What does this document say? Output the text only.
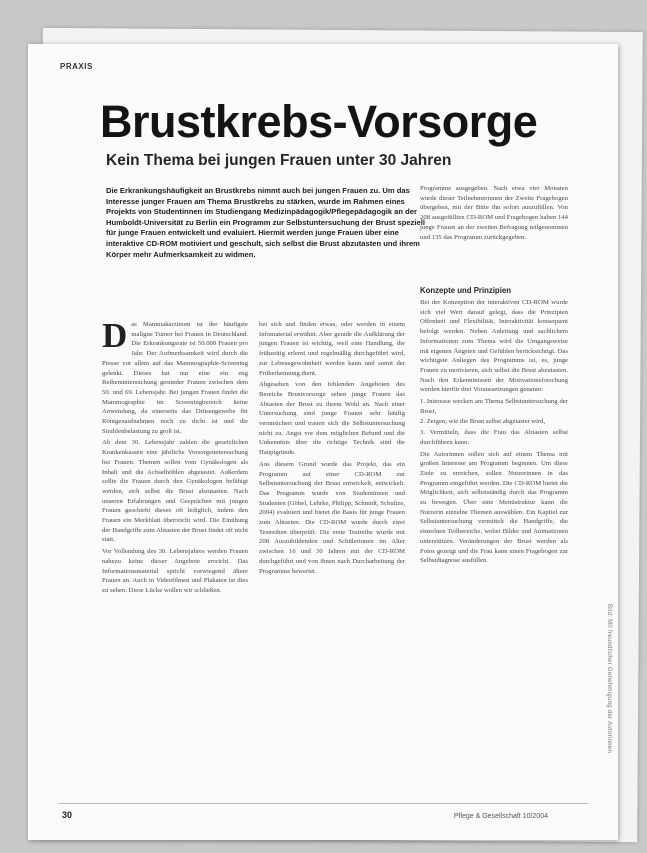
PRAXIS
Brustkrebs-Vorsorge
Kein Thema bei jungen Frauen unter 30 Jahren

Die Erkrankungshäufigkeit an Brustkrebs nimmt auch bei jungen Frauen zu. Um das Interesse junger Frauen am Thema Brustkrebs zu stärken, wurde im Rahmen eines Projekts von Studentinnen im Studiengang Medizinpädagogik/Pflegepädagogik an der Humboldt-Universität zu Berlin ein Programm zur Selbstuntersuchung der Brust speziell für junge Frauen entwickelt und evaluiert. Hiermit werden junge Frauen über eine interaktive CD-ROM motiviert und geschult, sich selbst die Brust abzutasten und ihrem Körper mehr Aufmerksamkeit zu widmen.

Programme ausgegeben. Nach etwa vier Monaten wurde dieser Teilnehmerinnen der Zweite Fragebogen übergeben, mit der Bitte ihn sofort auszufüllen. Von 208 ausgefüllten CD-ROM und Fragebogen haben 144 junge Frauen an der zweiten Befragung teilgenommen und 135 das Programm zurückgegeben.

Konzepte und Prinzipien

Bei der Konzeption der interaktiven CD-ROM wurde sich viel Wert darauf gelegt, dass die Prinzipien Offenheit und Flexibilität, Interaktivität konsequent befolgt werden. Neben Anleitung und sachlichem Informationen zum Thema wird die Umgangsweise mit eigenen Ängsten und Gefühlen berücksichtigt. Das wichtigste Anliegen des Programms ist, es, junge Frauen zu motivieren, sich selbst die Brust abzutasten. Nach den Erkenntnissen der Motivationsforschung werden hierfür drei Voraussetzungen genannt:

1. Interesse wecken am Thema Selbstuntersuchung der Brust,
2. Zeigen, wie die Brust selbst abgetastet wird,
3. Vermitteln, dass die Frau das Abtasten selbst durchführen kann.

Die Autorinnen sollen sich auf einem Thema mit großen Interesse am Programm beginnen. Um diese Ziele zu erreichen, sollen Nutzerinnen in das Programm eingeführt werden. Die CD-ROM bietet die Möglichkeit, sich selbstständig durch das Programm zu bewegen. Über eine Menüstruktur kann die Nutzerin einzelne Themen auswählen. Ein Kapitel zur Selbstuntersuchung vermittelt die Handgriffe, die einzelnen Teilbereiche, wobei Bilder und Animationen unterstützen. Veränderungen der Brust werden als Fotos gezeigt und die Frau kann einen Fragebogen zur Selbstdiagnose ausfüllen.

Das Mammakarzinom ist der häufigste maligne Tumor bei Frauen in Deutschland. Die Erkrankungsrate ist 50.000 Frauen pro Jahr. Der Aufmerksamkeit wird durch die Presse vor allem auf das Mammographie-Screening gelenkt. Dieses hat nur eine ein eng Reihenuntersuchung gesunder Frauen zwischen dem 50. und 69. Lebensjahr. Bei jungen Frauen findet die Mammographie im Screeningbereich keine Anwendung, da einerseits das Drüsengewebe für Röntgenaufnahmen noch zu dicht ist und die Strahlenbelastung zu groß ist.

Ab dem 30. Lebensjahr zahlen die gesetzlichen Krankenkassen eine jährliche Vorsorgeuntersuchung bei Frauen. Themen sollen vom Gynäkologen als Inhalt und die Achselhöhlen abgetastet. Außerdem sollte die Frauen durch den Gynäkologen befähigt werden, sich selbst die Brust abzutasten. Nach unseren Erfahrungen und Gesprächen mit jungen Frauen geschieht dieses oft lediglich, indem den Frauen ein Merkblatt überreicht wird. Die Einübung der Handgriffe zum Abtasten der Brust findet oft nicht statt.

Vor Vollendung des 30. Lebensjahres werden Frauen nahezu keine dieser Angebote erreicht. Das Informationsmaterial spricht vorwiegend ältere Frauen an. Auch in Videofilmen und Plakaten ist dies zu sehen. Diese Lücke wollen wir schließen.

bei sich und finden etwas, oder werden in einem Infomaterial erwähnt. Aber gerade die Aufklärung der jungen Frauen ist wichtig, weil eine Handlung, die frühzeitig erlernt und regelmäßig durchgeführt wird, zur Lebensgewohnheit werden kann und somit der Früherkennung dient.

Abgesehen von den fehlenden Angeboten des Bereichs Brustvorsorge sehen junge Frauen das Abtasten der Brust zu ihrem Wohl an. Nach einer Untersuchung sind junge Frauen sehr häufig verunsichert und trauen sich die Selbstuntersuchung nicht zu. Angst vor dem möglichen Befund und die Unkenntnis über die richtige Technik sind die Hauptgründe.

Aus diesem Grund wurde das Projekt, das ein Programm auf einer CD-ROM zur Selbstuntersuchung der Brust entwickelt, entwickelt. Das Programm wurde von Studentinnen und Studenten (Göbel, Lehrke, Philipp, Schmidt, Schultze, 2004) evaluiert und bietet die Basis für junge Frauen zum Abtasten. Die CD-ROM wurde durch zwei Testreihen überprüft. Die erste Testreihe wurde mit 208 Auszubildenden und Schülerinnen im Alter zwischen 16 und 30 Jahren mit der CD-ROM durchgeführt und von ihnen nach Durcharbeitung der Programme bewertet.

Bild: Mit freundlicher Genehmigung der Autorinnen
30	Pflege & Gesellschaft 10/2004
